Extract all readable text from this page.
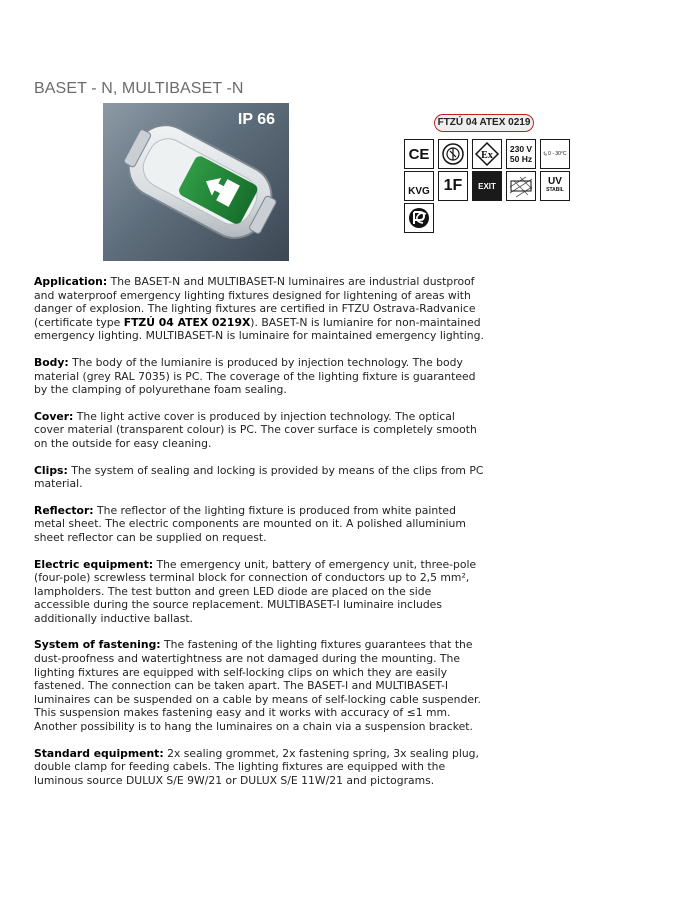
BASET - N, MULTIBASET -N
IP 66	FTZÚ 04 ATEX 0219
CE	Ex
230 V
50 Hz tₐ 0 - 30°C
KVG 1F EXIT	UV
STABIL

Application: The BASET-N and MULTIBASET-N luminaires are industrial dustproof and waterproof emergency lighting fixtures designed for lightening of areas with danger of explosion. The lighting fixtures are certified in FTZU Ostrava-Radvanice (certificate type FTZÚ 04 ATEX 0219X). BASET-N is lumianire for non-maintained emergency lighting. MULTIBASET-N is luminaire for maintained emergency lighting.

Body: The body of the lumianire is produced by injection technology. The body material (grey RAL 7035) is PC. The coverage of the lighting fixture is guaranteed by the clamping of polyurethane foam sealing.

Cover: The light active cover is produced by injection technology. The optical cover material (transparent colour) is PC. The cover surface is completely smooth on the outside for easy cleaning.

Clips: The system of sealing and locking is provided by means of the clips from PC material.

Reflector: The reflector of the lighting fixture is produced from white painted metal sheet. The electric components are mounted on it. A polished alluminium sheet reflector can be supplied on request.

Electric equipment: The emergency unit, battery of emergency unit, three-pole (four-pole) screwless terminal block for connection of conductors up to 2,5 mm², lampholders. The test button and green LED diode are placed on the side accessible during the source replacement. MULTIBASET-I luminaire includes additionally inductive ballast.

System of fastening: The fastening of the lighting fixtures guarantees that the dust-proofness and watertightness are not damaged during the mounting. The lighting fixtures are equipped with self-locking clips on which they are easily fastened. The connection can be taken apart. The BASET-I and MULTIBASET-I luminaires can be suspended on a cable by means of self-locking cable suspender. This suspension makes fastening easy and it works with accuracy of ≤1 mm. Another possibility is to hang the luminaires on a chain via a suspension bracket.

Standard equipment: 2x sealing grommet, 2x fastening spring, 3x sealing plug, double clamp for feeding cabels. The lighting fixtures are equipped with the luminous source DULUX S/E 9W/21 or DULUX S/E 11W/21 and pictograms.
